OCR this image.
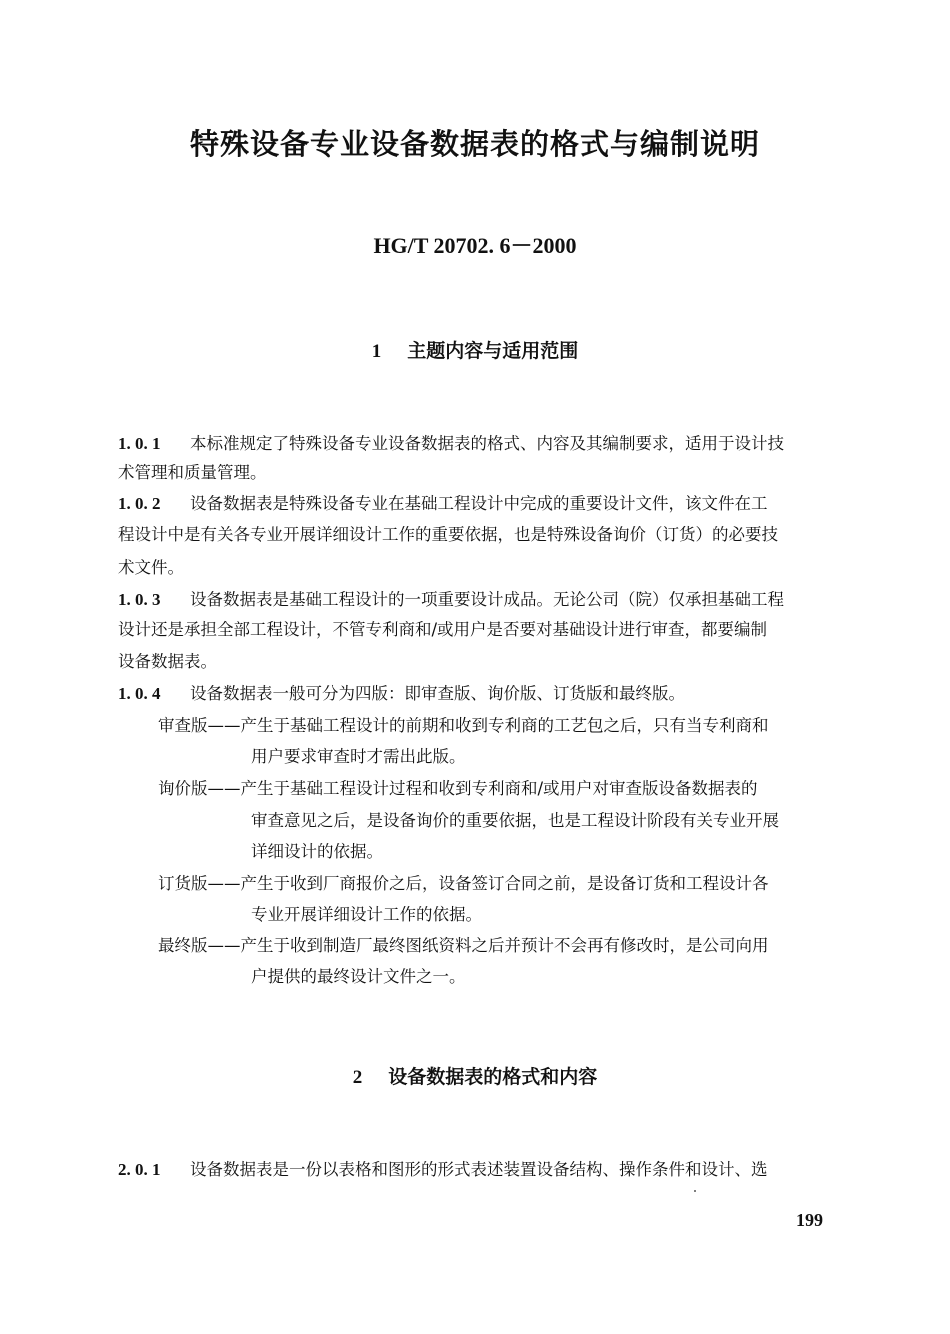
特殊设备专业设备数据表的格式与编制说明
HG/T 20702. 6－2000
1 主题内容与适用范围
1. 0. 1 本标准规定了特殊设备专业设备数据表的格式、内容及其编制要求，适用于设计技
术管理和质量管理。
1. 0. 2 设备数据表是特殊设备专业在基础工程设计中完成的重要设计文件，该文件在工
程设计中是有关各专业开展详细设计工作的重要依据，也是特殊设备询价（订货）的必要技
术文件。
1. 0. 3 设备数据表是基础工程设计的一项重要设计成品。无论公司（院）仅承担基础工程
设计还是承担全部工程设计，不管专利商和/或用户是否要对基础设计进行审查，都要编制
设备数据表。
1. 0. 4 设备数据表一般可分为四版：即审查版、询价版、订货版和最终版。
审查版——产生于基础工程设计的前期和收到专利商的工艺包之后，只有当专利商和
用户要求审查时才需出此版。
询价版——产生于基础工程设计过程和收到专利商和/或用户对审查版设备数据表的
审查意见之后，是设备询价的重要依据，也是工程设计阶段有关专业开展
详细设计的依据。
订货版——产生于收到厂商报价之后，设备签订合同之前，是设备订货和工程设计各
专业开展详细设计工作的依据。
最终版——产生于收到制造厂最终图纸资料之后并预计不会再有修改时，是公司向用
户提供的最终设计文件之一。
2 设备数据表的格式和内容
2. 0. 1 设备数据表是一份以表格和图形的形式表述装置设备结构、操作条件和设计、选
199
